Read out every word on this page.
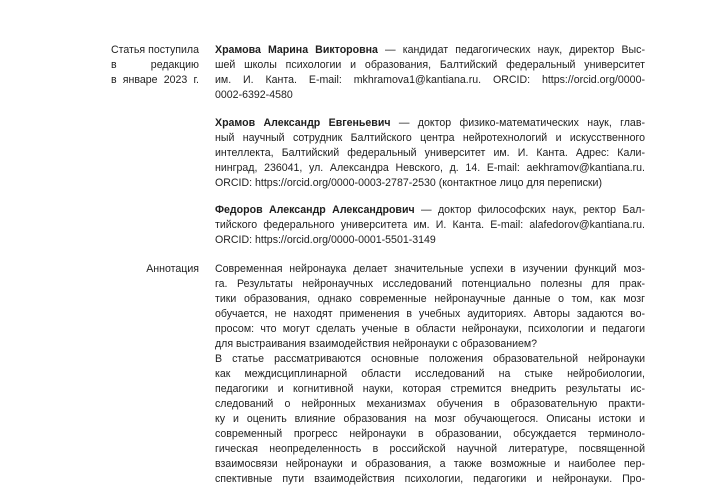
Статья поступила
в редакцию
в январе 2023 г.
Храмова Марина Викторовна — кандидат педагогических наук, директор Выс-
шей школы психологии и образования, Балтийский федеральный университет
им. И. Канта. E-mail: mkhramova1@kantiana.ru. ORCID: https://orcid.org/0000-
0002-6392-4580
Храмов Александр Евгеньевич — доктор физико-математических наук, глав-
ный научный сотрудник Балтийского центра нейротехнологий и искусственного
интеллекта, Балтийский федеральный университет им. И. Канта. Адрес: Кали-
нинград, 236041, ул. Александра Невского, д. 14. E-mail: aekhramov@kantiana.ru.
ORCID: https://orcid.org/0000-0003-2787-2530 (контактное лицо для переписки)
Федоров Александр Александрович — доктор философских наук, ректор Бал-
тийского федерального университета им. И. Канта. E-mail: alafedorov@kantiana.ru.
ORCID: https://orcid.org/0000-0001-5501-3149
Аннотация Современная нейронаука делает значительные успехи в изучении функций моз-
га. Результаты нейронаучных исследований потенциально полезны для прак-
тики образования, однако современные нейронаучные данные о том, как мозг
обучается, не находят применения в учебных аудиториях. Авторы задаются во-
просом: что могут сделать ученые в области нейронауки, психологии и педагоги
для выстраивания взаимодействия нейронауки с образованием?
В статье рассматриваются основные положения образовательной нейронауки
как междисциплинарной области исследований на стыке нейробиологии,
педагогики и когнитивной науки, которая стремится внедрить результаты ис-
следований о нейронных механизмах обучения в образовательную практи-
ку и оценить влияние образования на мозг обучающегося. Описаны истоки и
современный прогресс нейронауки в образовании, обсуждается терминоло-
гическая неопределенность в российской научной литературе, посвященной
взаимосвязи нейронауки и образования, а также возможные и наиболее пер-
спективные пути взаимодействия психологии, педагогики и нейронауки. Про-
